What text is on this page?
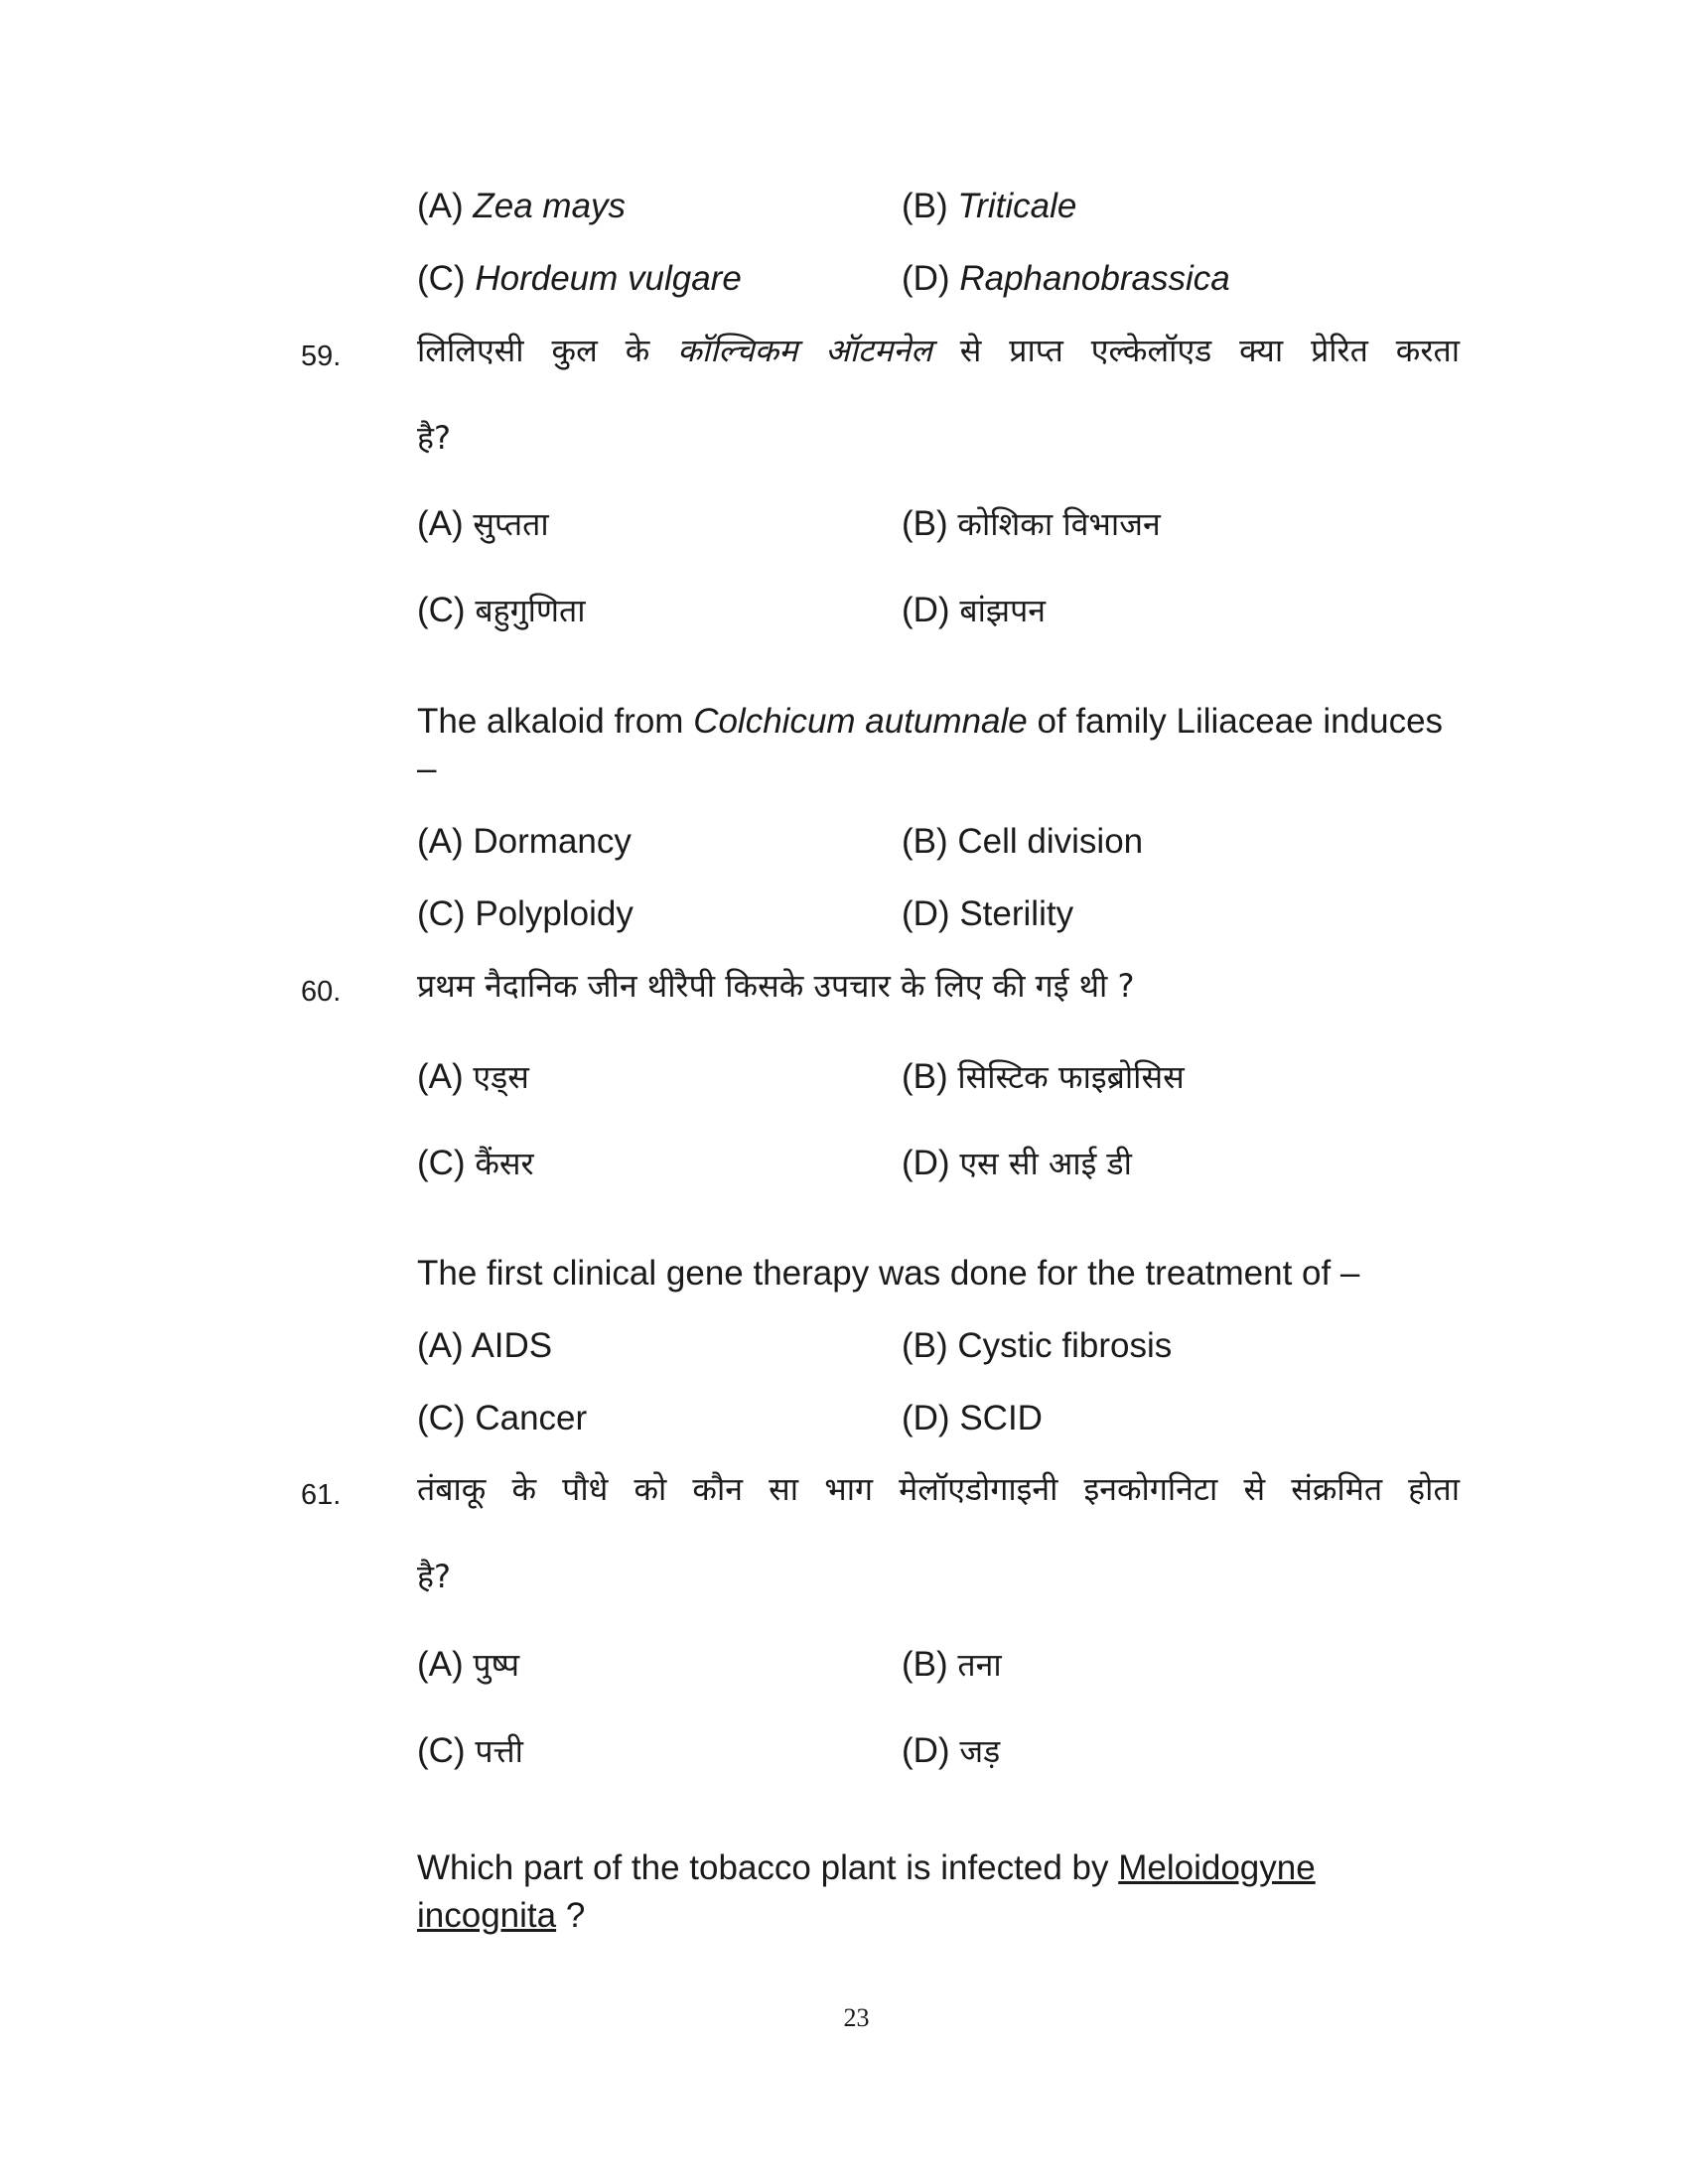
(A) Zea mays	(B) Triticale
(C) Hordeum vulgare	(D) Raphanobrassica
59. लिलिएसी कुल के कॉल्चिकम ऑटमनेल से प्राप्त एल्केलॉएड क्या प्रेरित करता
है?
(A) सुप्तता	(B) कोशिका विभाजन
(C) बहुगुणिता	(D) बांझपन
The alkaloid from Colchicum autumnale of family Liliaceae induces –
(A) Dormancy	(B) Cell division
(C) Polyploidy	(D) Sterility
60. प्रथम नैदानिक जीन थीरैपी किसके उपचार के लिए की गई थी ?
(A) एड्स	(B) सिस्टिक फाइब्रोसिस
(C) कैंसर	(D) एस सी आई डी
The first clinical gene therapy was done for the treatment of –
(A) AIDS	(B) Cystic fibrosis
(C) Cancer	(D) SCID
61. तंबाकू के पौधे को कौन सा भाग मेलॉएडोगाइनी इनकोगनिटा से संक्रमित होता
है?
(A) पुष्प	(B) तना
(C) पत्ती	(D) जड़
Which part of the tobacco plant is infected by Meloidogyne incognita ?
23
